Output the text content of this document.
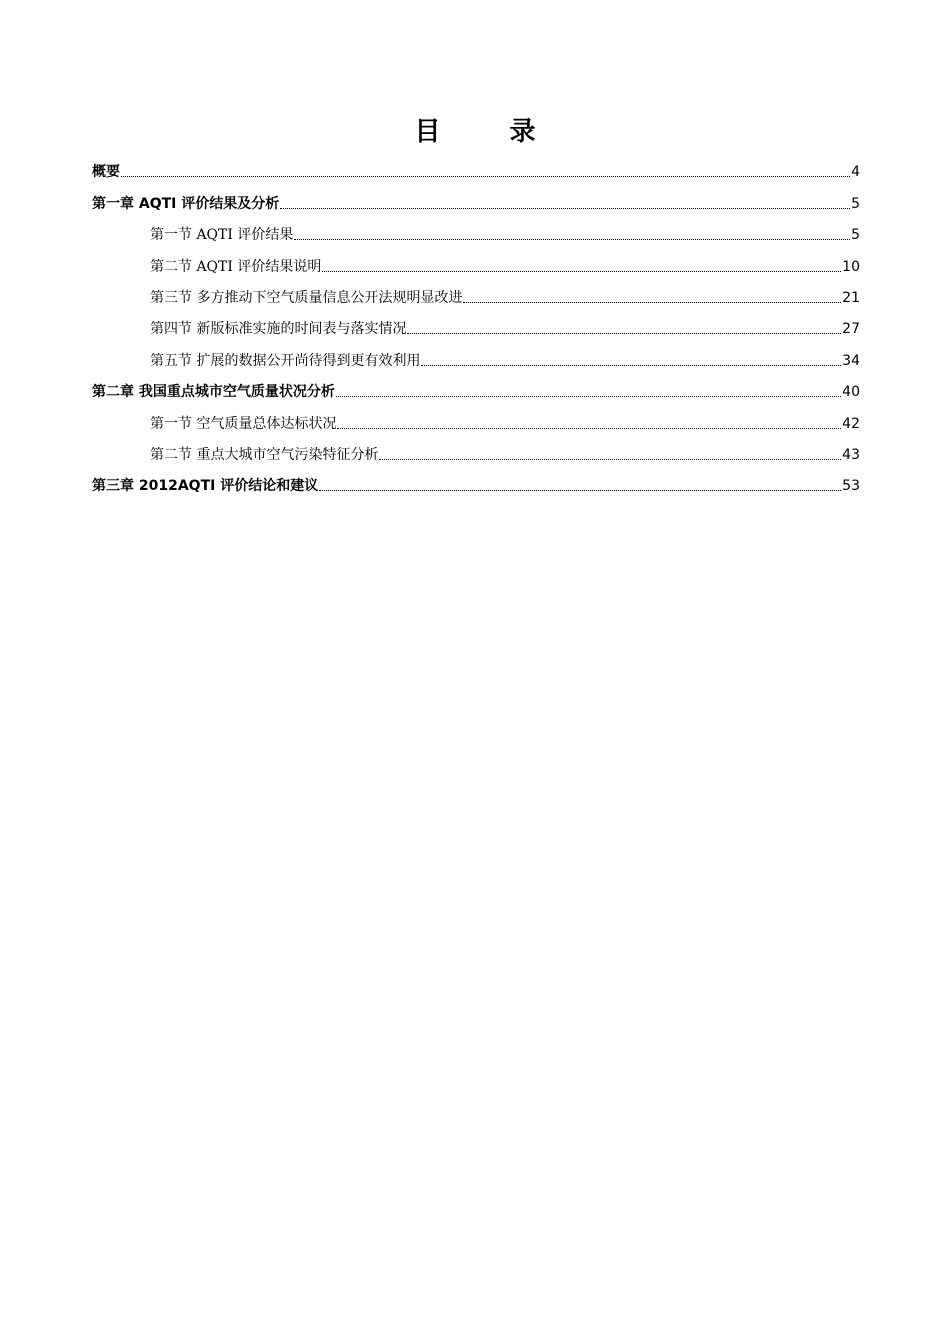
目 录
概要	4
第一章 AQTI 评价结果及分析	5
第一节 AQTI 评价结果	5
第二节 AQTI 评价结果说明	10
第三节 多方推动下空气质量信息公开法规明显改进	21
第四节 新版标准实施的时间表与落实情况	27
第五节 扩展的数据公开尚待得到更有效利用	34
第二章 我国重点城市空气质量状况分析	40
第一节 空气质量总体达标状况	42
第二节 重点大城市空气污染特征分析	43
第三章 2012AQTI 评价结论和建议	53
